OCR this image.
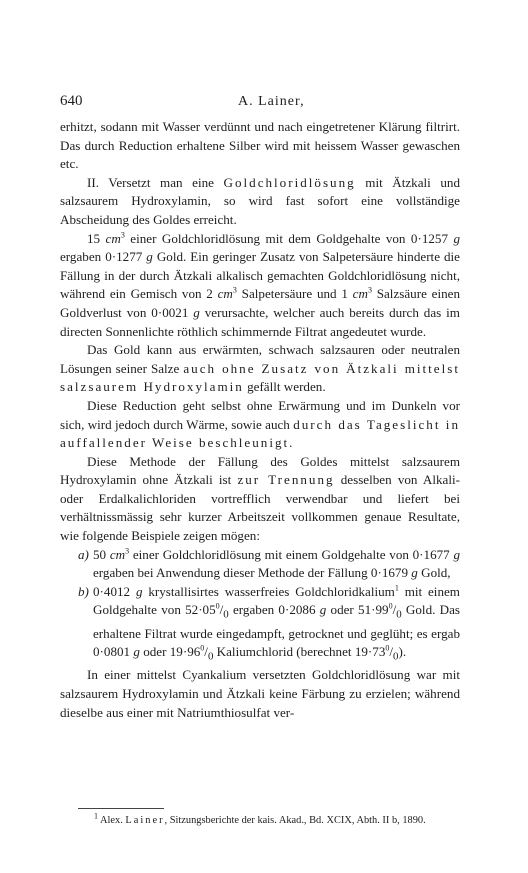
640	A. Lainer,

erhitzt, sodann mit Wasser verdünnt und nach eingetretener Klärung filtrirt. Das durch Reduction erhaltene Silber wird mit heissem Wasser gewaschen etc.

II. Versetzt man eine Goldchloridlösung mit Ätzkali und salzsaurem Hydroxylamin, so wird fast sofort eine vollständige Abscheidung des Goldes erreicht.

15 $cm^3$ einer Goldchloridlösung mit dem Goldgehalte von 0·1257 g ergaben 0·1277 g Gold. Ein geringer Zusatz von Salpetersäure hinderte die Fällung in der durch Ätzkali alkalisch gemachten Goldchloridlösung nicht, während ein Gemisch von 2 $cm^3$ Salpetersäure und 1 $cm^3$ Salzsäure einen Goldverlust von 0·0021 g verursachte, welcher auch bereits durch das im directen Sonnenlichte röthlich schimmernde Filtrat angedeutet wurde.

Das Gold kann aus erwärmten, schwach salzsauren oder neutralen Lösungen seiner Salze auch ohne Zusatz von Ätzkali mittelst salzsaurem Hydroxylamin gefällt werden.

Diese Reduction geht selbst ohne Erwärmung und im Dunkeln vor sich, wird jedoch durch Wärme, sowie auch durch das Tageslicht in auffallender Weise beschleunigt.

Diese Methode der Fällung des Goldes mittelst salzsaurem Hydroxylamin ohne Ätzkali ist zur Trennung desselben von Alkali- oder Erdalkalichloriden vortrefflich verwendbar und liefert bei verhältnissmässig sehr kurzer Arbeitszeit vollkommen genaue Resultate, wie folgende Beispiele zeigen mögen:

a) 50 $cm^3$ einer Goldchloridlösung mit einem Goldgehalte von 0·1677 g ergaben bei Anwendung dieser Methode der Fällung 0·1679 g Gold,
b) 0·4012 g krystallisirtes wasserfreies Goldchloridkalium$^1$ mit einem Goldgehalte von $52\cdot 05^0/_0$ ergaben 0·2086 g oder $51\cdot 99^0/_0$ Gold. Das erhaltene Filtrat wurde eingedampft, getrocknet und geglüht; es ergab 0·0801 g oder $19\cdot 96^0/_0$ Kaliumchlorid (berechnet $19\cdot 73^0/_0$).

In einer mittelst Cyankalium versetzten Goldchloridlösung war mit salzsaurem Hydroxylamin und Ätzkali keine Färbung zu erzielen; während dieselbe aus einer mit Natriumthiosulfat ver-

$^1$ Alex. Lainer, Sitzungsberichte der kais. Akad., Bd. XCIX, Abth. II b, 1890.
